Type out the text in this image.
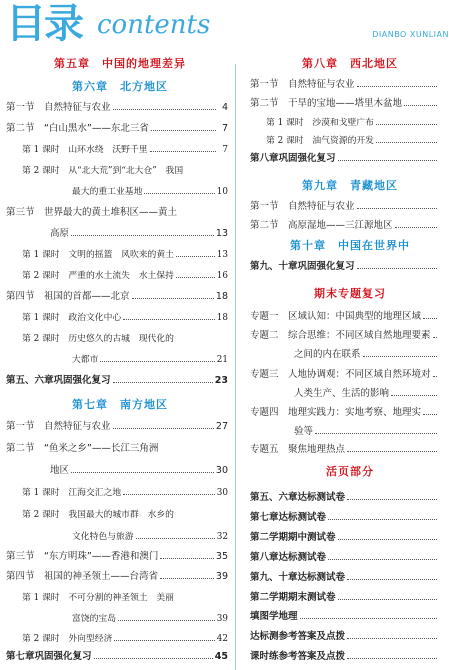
目录 contents	DIANBO XUNLIAN
第五章　中国的地理差异
第六章　北方地区
第一节　自然特征与农业	4
第二节　“白山黑水”——东北三省	7
第 1 课时　山环水绕　沃野千里	7
第 2 课时　从“北大荒”到“北大仓”　我国
最大的重工业基地	10
第三节　世界最大的黄土堆积区——黄土
高原	13
第 1 课时　文明的摇篮　风吹来的黄土	13
第 2 课时　严重的水土流失　水土保持	16
第四节　祖国的首都——北京	18
第 1 课时　政治文化中心	18
第 2 课时　历史悠久的古城　现代化的
大都市	21
第五、六章巩固强化复习	23
第七章　南方地区
第一节　自然特征与农业	27
第二节　“鱼米之乡”——长江三角洲
地区	30
第 1 课时　江海交汇之地	30
第 2 课时　我国最大的城市群　水乡的
文化特色与旅游	32
第三节　“东方明珠”——香港和澳门	35
第四节　祖国的神圣领土——台湾省	39
第 1 课时　不可分割的神圣领土　美丽
富饶的宝岛	39
第 2 课时　外向型经济	42
第七章巩固强化复习	45
第八章　西北地区
第一节　自然特征与农业
第二节　干旱的宝地——塔里木盆地
第 1 课时　沙漠和戈壁广布
第 2 课时　油气资源的开发
第八章巩固强化复习
第九章　青藏地区
第一节　自然特征与农业
第二节　高原湿地——三江源地区
第十章　中国在世界中
第九、十章巩固强化复习
期末专题复习
专题一　区域认知：中国典型的地理区域
专题二　综合思维：不同区域自然地理要素
之间的内在联系
专题三　人地协调观：不同区域自然环境对
人类生产、生活的影响
专题四　地理实践力：实地考察、地理实
验等
专题五　聚焦地理热点
活页部分
第五、六章达标测试卷
第七章达标测试卷
第二学期期中测试卷
第八章达标测试卷
第九、十章达标测试卷
第二学期期末测试卷
填图学地理
达标测参考答案及点拨
课时练参考答案及点拨
